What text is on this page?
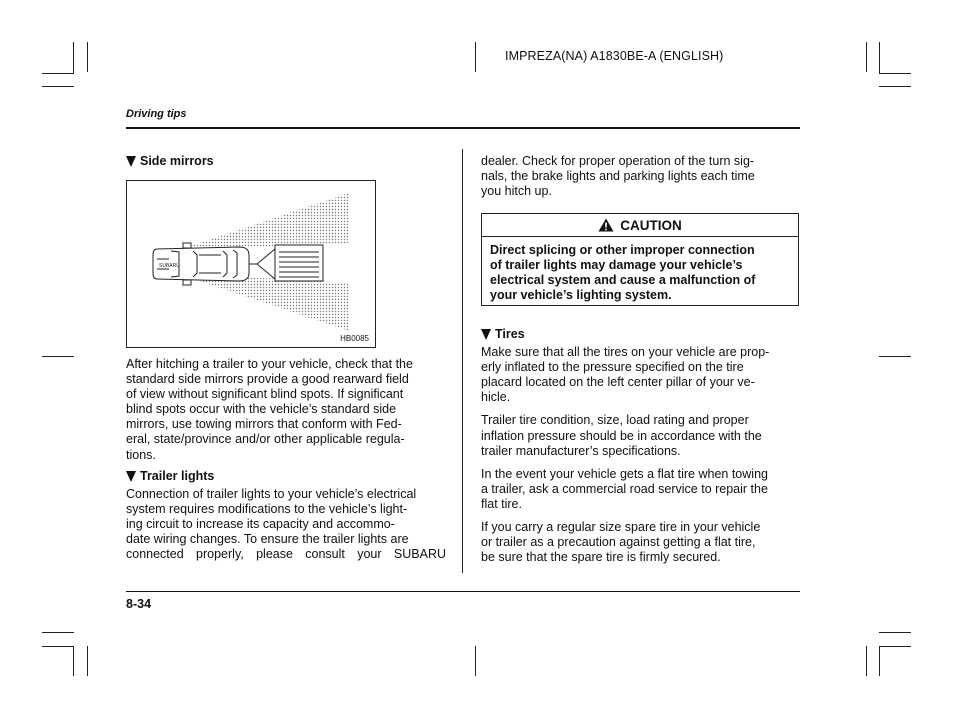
IMPREZA(NA) A1830BE-A (ENGLISH)
Driving tips
Side mirrors
SUBARU
HB0085

After hitching a trailer to your vehicle, check that the

standard side mirrors provide a good rearward field

of view without significant blind spots. If significant

blind spots occur with the vehicle’s standard side

mirrors, use towing mirrors that conform with Fed-

eral, state/province and/or other applicable regula-

tions.

Trailer lights

Connection of trailer lights to your vehicle’s electrical

system requires modifications to the vehicle’s light-

ing circuit to increase its capacity and accommo-

date wiring changes. To ensure the trailer lights are

connected properly, please consult your SUBARU

dealer. Check for proper operation of the turn sig-

nals, the brake lights and parking lights each time

you hitch up.

CAUTION

Direct splicing or other improper connection

of trailer lights may damage your vehicle’s

electrical system and cause a malfunction of

your vehicle’s lighting system.

Tires

Make sure that all the tires on your vehicle are prop-

erly inflated to the pressure specified on the tire

placard located on the left center pillar of your ve-

hicle.

Trailer tire condition, size, load rating and proper

inflation pressure should be in accordance with the

trailer manufacturer’s specifications.

In the event your vehicle gets a flat tire when towing

a trailer, ask a commercial road service to repair the

flat tire.

If you carry a regular size spare tire in your vehicle

or trailer as a precaution against getting a flat tire,

be sure that the spare tire is firmly secured.

8-34
